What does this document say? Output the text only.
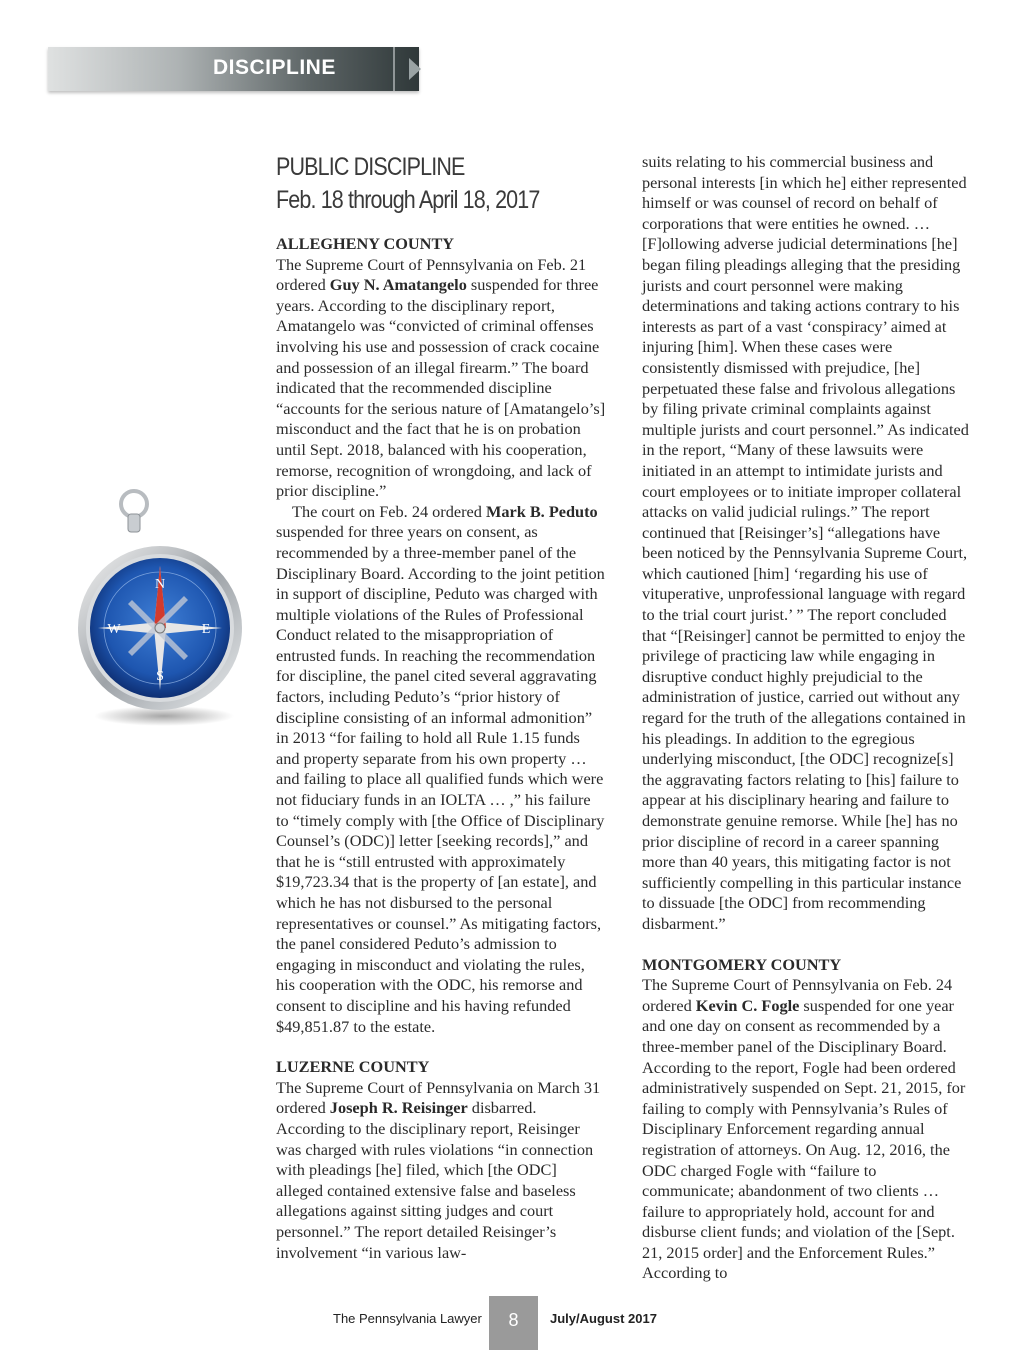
DISCIPLINE
PUBLIC DISCIPLINE
Feb. 18 through April 18, 2017
N
S
E
W

ALLEGHENY COUNTY

The Supreme Court of Pennsylvania on Feb. 21 ordered Guy N. Amatangelo suspended for three years. According to the disciplinary report, Amatangelo was “convicted of criminal offenses involving his use and possession of crack cocaine and possession of an illegal firearm.” The board indicated that the recommended discipline “accounts for the serious nature of [Amatangelo’s] misconduct and the fact that he is on probation until Sept. 2018, balanced with his cooperation, remorse, recognition of wrongdoing, and lack of prior discipline.”

The court on Feb. 24 ordered Mark B. Peduto suspended for three years on consent, as recommended by a three-member panel of the Disciplinary Board. According to the joint petition in support of discipline, Peduto was charged with multiple violations of the Rules of Professional Conduct related to the misappropriation of entrusted funds. In reaching the recommendation for discipline, the panel cited several aggravating factors, including Peduto’s “prior history of discipline consisting of an informal admonition” in 2013 “for failing to hold all Rule 1.15 funds and property separate from his own property … and failing to place all qualified funds which were not fiduciary funds in an IOLTA … ,” his failure to “timely comply with [the Office of Disciplinary Counsel’s (ODC)] letter [seeking records],” and that he is “still entrusted with approximately $19,723.34 that is the property of [an estate], and which he has not disbursed to the personal representatives or counsel.” As mitigating factors, the panel considered Peduto’s admission to engaging in misconduct and violating the rules, his cooperation with the ODC, his remorse and consent to discipline and his having refunded $49,851.87 to the estate.

LUZERNE COUNTY

The Supreme Court of Pennsylvania on March 31 ordered Joseph R. Reisinger disbarred. According to the disciplinary report, Reisinger was charged with rules violations “in connection with pleadings [he] filed, which [the ODC] alleged contained extensive false and baseless allegations against sitting judges and court personnel.” The report detailed Reisinger’s involvement “in various law-

suits relating to his commercial business and personal interests [in which he] either represented himself or was counsel of record on behalf of corporations that were entities he owned. … [F]ollowing adverse judicial determinations [he] began filing pleadings alleging that the presiding jurists and court personnel were making determinations and taking actions contrary to his interests as part of a vast ‘conspiracy’ aimed at injuring [him]. When these cases were consistently dismissed with prejudice, [he] perpetuated these false and frivolous allegations by filing private criminal complaints against multiple jurists and court personnel.” As indicated in the report, “Many of these lawsuits were initiated in an attempt to intimidate jurists and court employees or to initiate improper collateral attacks on valid judicial rulings.” The report continued that [Reisinger’s] “allegations have been noticed by the Pennsylvania Supreme Court, which cautioned [him] ‘regarding his use of vituperative, unprofessional language with regard to the trial court jurist.’ ” The report concluded that “[Reisinger] cannot be permitted to enjoy the privilege of practicing law while engaging in disruptive conduct highly prejudicial to the administration of justice, carried out without any regard for the truth of the allegations contained in his pleadings. In addition to the egregious underlying misconduct, [the ODC] recognize[s] the aggravating factors relating to [his] failure to appear at his disciplinary hearing and failure to demonstrate genuine remorse. While [he] has no prior discipline of record in a career spanning more than 40 years, this mitigating factor is not sufficiently compelling in this particular instance to dissuade [the ODC] from recommending disbarment.”

MONTGOMERY COUNTY

The Supreme Court of Pennsylvania on Feb. 24 ordered Kevin C. Fogle suspended for one year and one day on consent as recommended by a three-member panel of the Disciplinary Board. According to the report, Fogle had been ordered administratively suspended on Sept. 21, 2015, for failing to comply with Pennsylvania’s Rules of Disciplinary Enforcement regarding annual registration of attorneys. On Aug. 12, 2016, the ODC charged Fogle with “failure to communicate; abandonment of two clients … failure to appropriately hold, account for and disburse client funds; and violation of the [Sept. 21, 2015 order] and the Enforcement Rules.” According to

The Pennsylvania Lawyer	8	July/August 2017
